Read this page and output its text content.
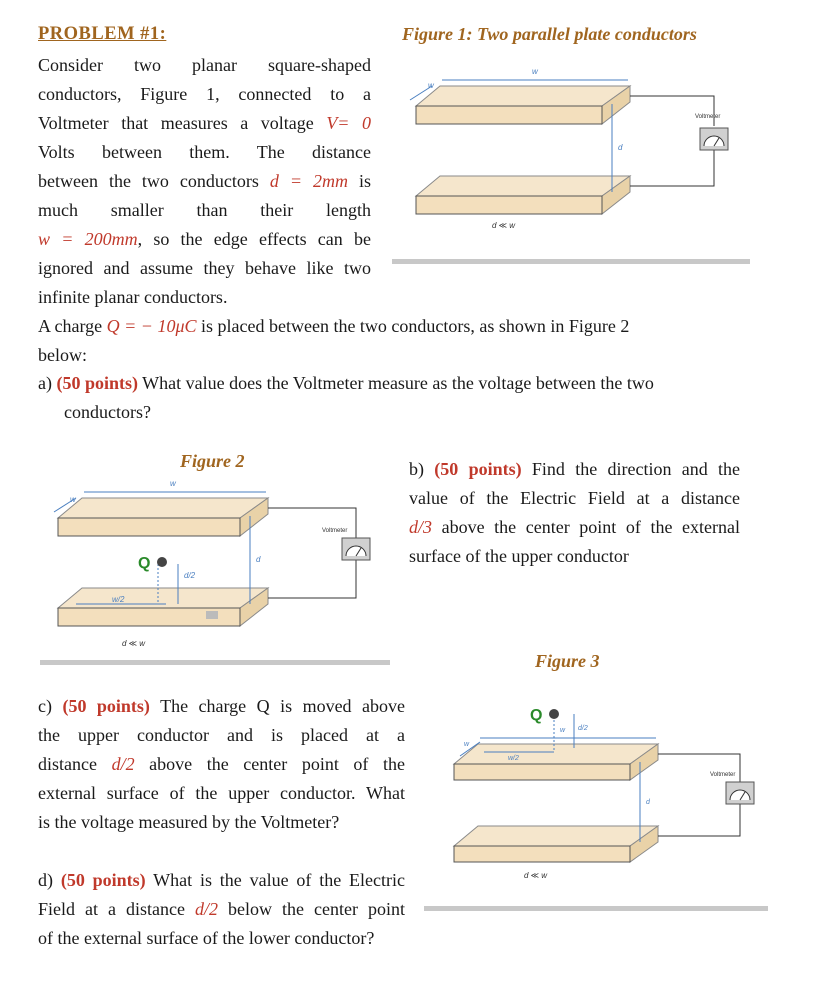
PROBLEM #1:
Consider two planar square-shaped
conductors, Figure 1, connected to a
Voltmeter that measures a voltage V= 0
Volts between them. The distance
between the two conductors d = 2mm is
much smaller than their length
w = 200mm, so the edge effects can be
ignored and assume they behave like two
infinite planar conductors.
A charge Q = − 10μC is placed between the two conductors, as shown in Figure 2
below:
a) (50 points) What value does the Voltmeter measure as the voltage between the two
conductors?
b) (50 points) Find the direction and the
value of the Electric Field at a distance
d/3 above the center point of the external
surface of the upper conductor
c) (50 points) The charge Q is moved above
the upper conductor and is placed at a
distance d/2 above the center point of the
external surface of the upper conductor. What
is the voltage measured by the Voltmeter?
d) (50 points) What is the value of the Electric
Field at a distance d/2 below the center point
of the external surface of the lower conductor?
Figure 1: Two parallel plate conductors
w
w
d
d ≪ w
Voltmeter
w
w
d
d/2
w/2
Q
d ≪ w
Voltmeter
Figure 2
Figure 3
w
w
d
d/2
w/2
Q
d ≪ w
Voltmeter
